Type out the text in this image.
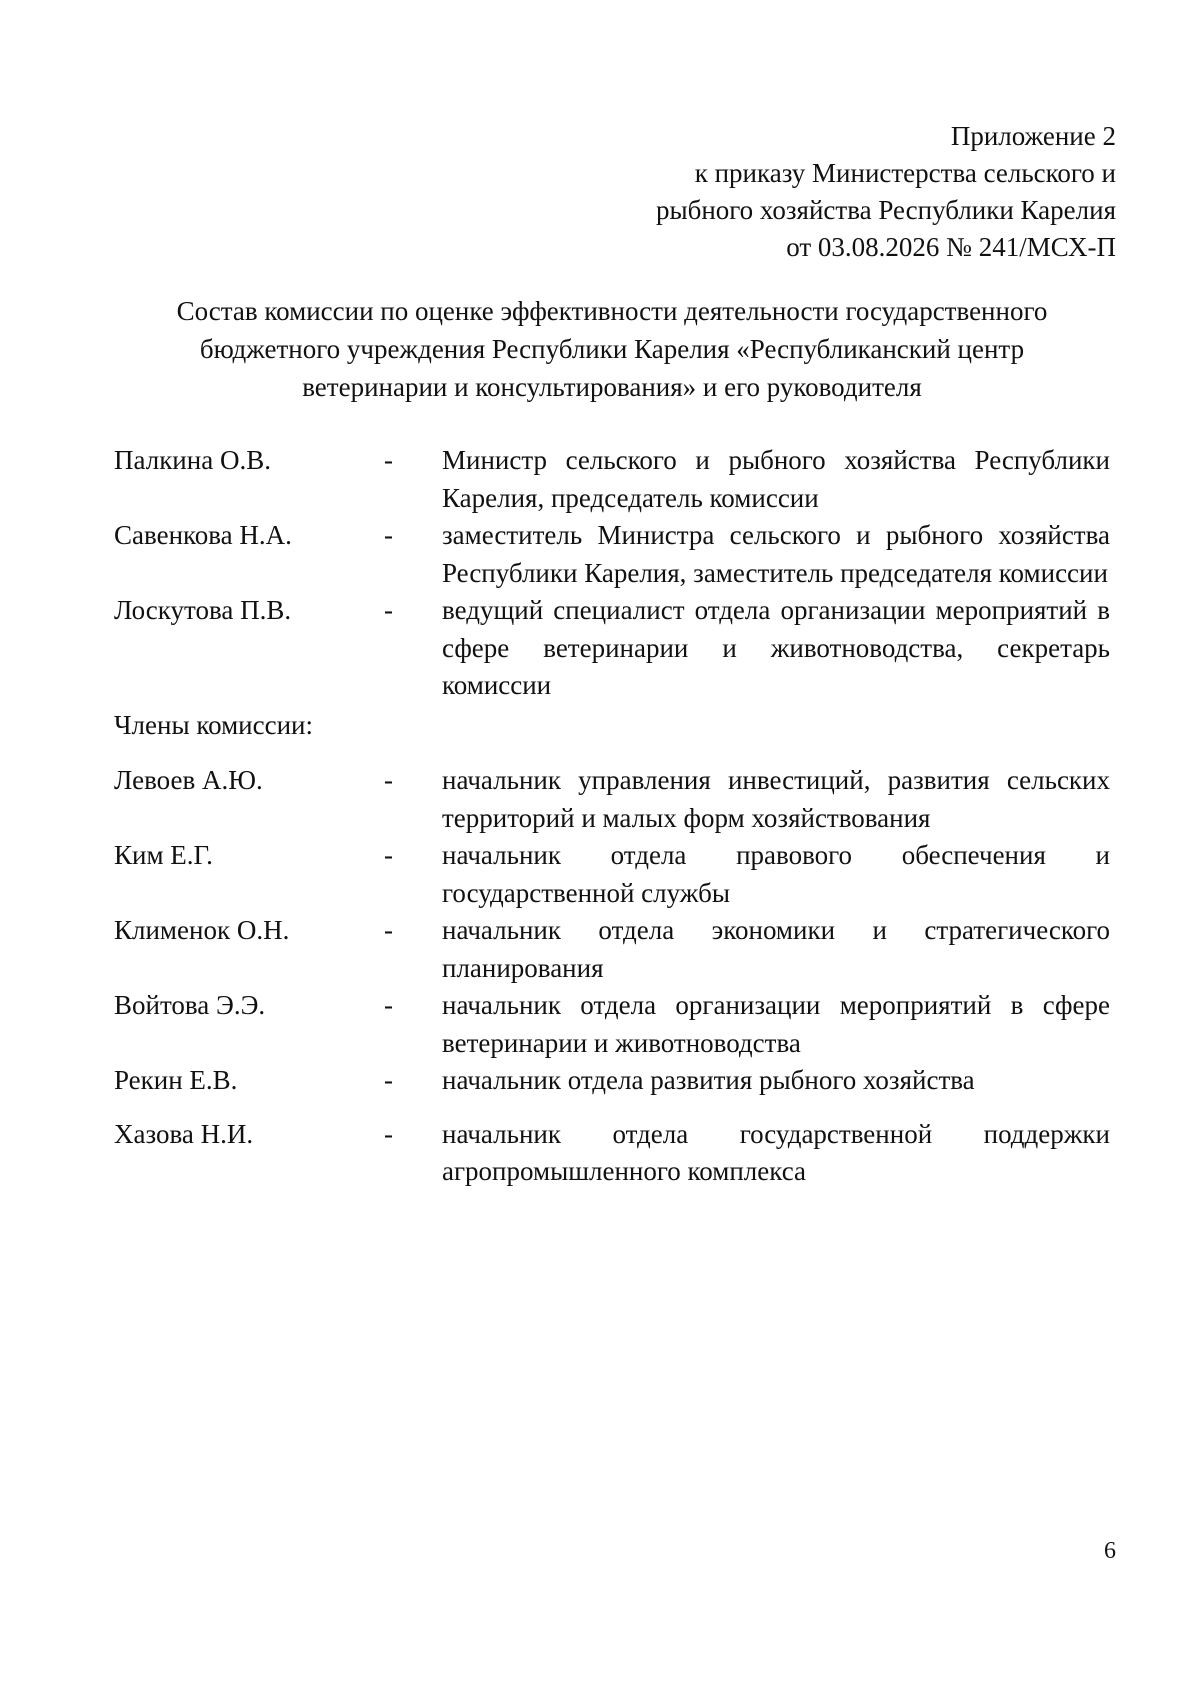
Приложение 2
к приказу Министерства сельского и
рыбного хозяйства Республики Карелия
от 03.08.2026 № 241/МСХ-П
Состав комиссии по оценке эффективности деятельности государственного
бюджетного учреждения Республики Карелия «Республиканский центр
ветеринарии и консультирования» и его руководителя
Палкина О.В.	-	Министр сельского и рыбного хозяйства Республики Карелия, председатель комиссии
Савенкова Н.А.	-	заместитель Министра сельского и рыбного хозяйства Республики Карелия, заместитель председателя комиссии
Лоскутова П.В.	-	ведущий специалист отдела организации мероприятий в сфере ветеринарии и животноводства, секретарь комиссии
Члены комиссии:
Левоев А.Ю.	-	начальник управления инвестиций, развития сельских территорий и малых форм хозяйствования
Ким Е.Г.	-	начальник отдела правового обеспечения и государственной службы
Клименок О.Н.	-	начальник отдела экономики и стратегического планирования
Войтова Э.Э.	-	начальник отдела организации мероприятий в сфере ветеринарии и животноводства
Рекин Е.В.	-	начальник отдела развития рыбного хозяйства
Хазова Н.И.	-	начальник отдела государственной поддержки агропромышленного комплекса
6
